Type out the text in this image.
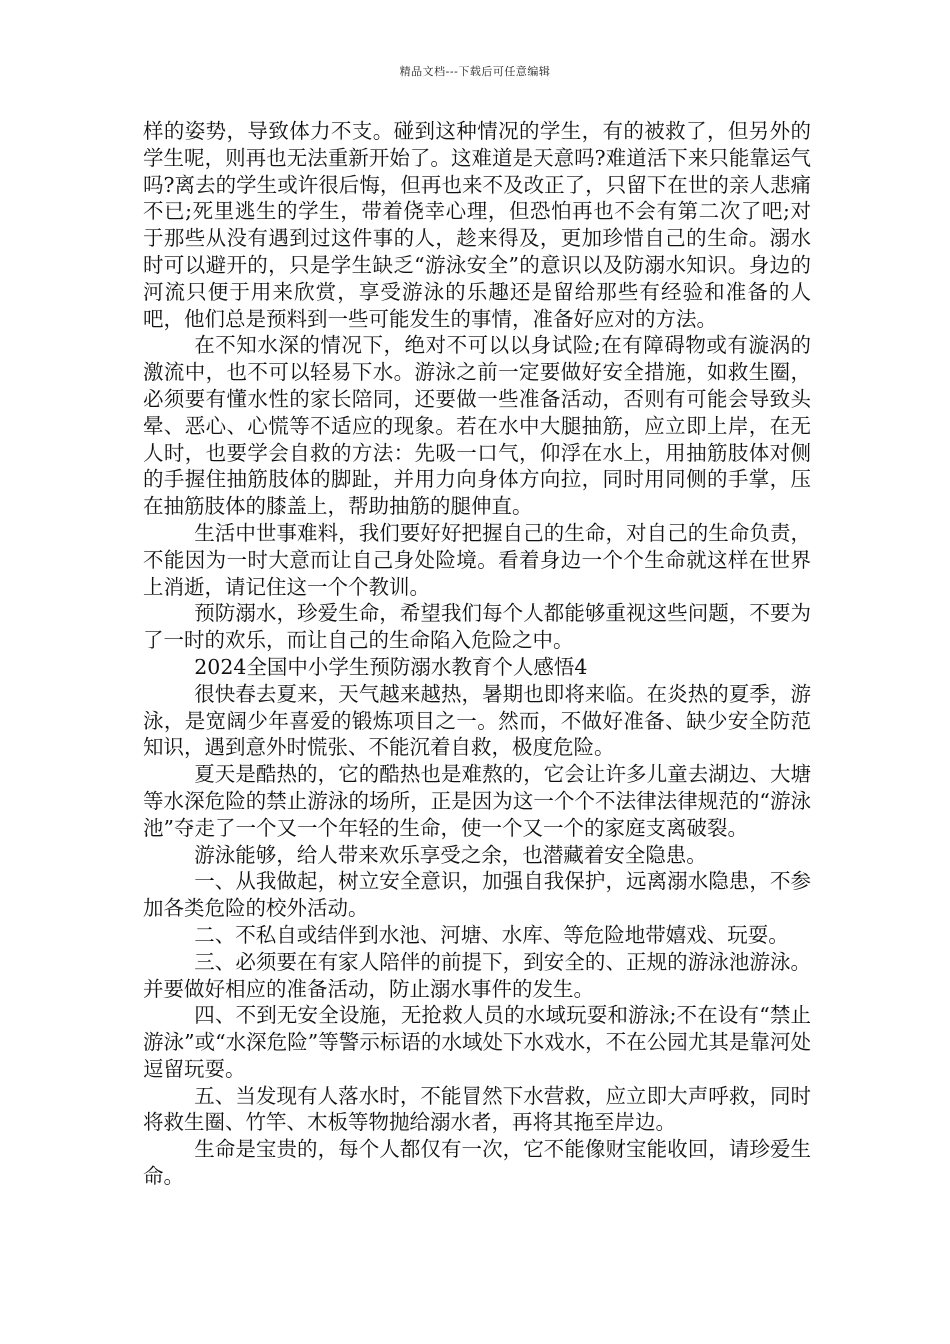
精品文档---下载后可任意编辑

样的姿势，导致体力不支。碰到这种情况的学生，有的被救了，但另外的学生呢，则再也无法重新开始了。这难道是天意吗?难道活下来只能靠运气吗?离去的学生或许很后悔，但再也来不及改正了，只留下在世的亲人悲痛不已;死里逃生的学生，带着侥幸心理，但恐怕再也不会有第二次了吧;对于那些从没有遇到过这件事的人，趁来得及，更加珍惜自己的生命。溺水时可以避开的，只是学生缺乏“游泳安全”的意识以及防溺水知识。身边的河流只便于用来欣赏，享受游泳的乐趣还是留给那些有经验和准备的人吧，他们总是预料到一些可能发生的事情，准备好应对的方法。

在不知水深的情况下，绝对不可以以身试险;在有障碍物或有漩涡的激流中，也不可以轻易下水。游泳之前一定要做好安全措施，如救生圈，必须要有懂水性的家长陪同，还要做一些准备活动，否则有可能会导致头晕、恶心、心慌等不适应的现象。若在水中大腿抽筋，应立即上岸，在无人时，也要学会自救的方法：先吸一口气，仰浮在水上，用抽筋肢体对侧的手握住抽筋肢体的脚趾，并用力向身体方向拉，同时用同侧的手掌，压在抽筋肢体的膝盖上，帮助抽筋的腿伸直。

生活中世事难料，我们要好好把握自己的生命，对自己的生命负责，不能因为一时大意而让自己身处险境。看着身边一个个生命就这样在世界上消逝，请记住这一个个教训。

预防溺水，珍爱生命，希望我们每个人都能够重视这些问题，不要为了一时的欢乐，而让自己的生命陷入危险之中。

2024全国中小学生预防溺水教育个人感悟4

很快春去夏来，天气越来越热，暑期也即将来临。在炎热的夏季，游泳，是宽阔少年喜爱的锻炼项目之一。然而，不做好准备、缺少安全防范知识，遇到意外时慌张、不能沉着自救，极度危险。

夏天是酷热的，它的酷热也是难熬的，它会让许多儿童去湖边、大塘等水深危险的禁止游泳的场所，正是因为这一个个不法律法律规范的“游泳池”夺走了一个又一个年轻的生命，使一个又一个的家庭支离破裂。

游泳能够，给人带来欢乐享受之余，也潜藏着安全隐患。

一、从我做起，树立安全意识，加强自我保护，远离溺水隐患，不参加各类危险的校外活动。

二、不私自或结伴到水池、河塘、水库、等危险地带嬉戏、玩耍。

三、必须要在有家人陪伴的前提下，到安全的、正规的游泳池游泳。并要做好相应的准备活动，防止溺水事件的发生。

四、不到无安全设施，无抢救人员的水域玩耍和游泳;不在设有“禁止游泳”或“水深危险”等警示标语的水域处下水戏水，不在公园尤其是靠河处逗留玩耍。

五、当发现有人落水时，不能冒然下水营救，应立即大声呼救，同时将救生圈、竹竿、木板等物抛给溺水者，再将其拖至岸边。

生命是宝贵的，每个人都仅有一次，它不能像财宝能收回，请珍爱生命。
